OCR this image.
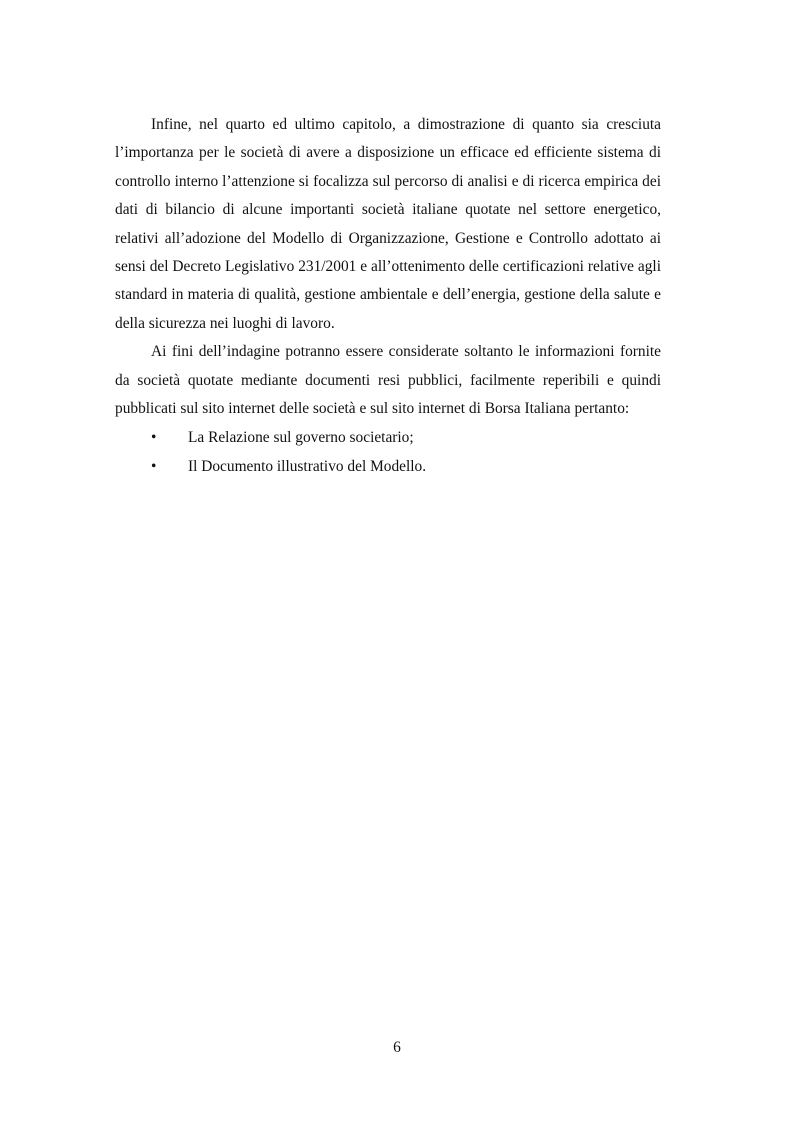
Infine, nel quarto ed ultimo capitolo, a dimostrazione di quanto sia cresciuta l’importanza per le società di avere a disposizione un efficace ed efficiente sistema di controllo interno l’attenzione si focalizza sul percorso di analisi e di ricerca empirica dei dati di bilancio di alcune importanti società italiane quotate nel settore energetico, relativi all’adozione del Modello di Organizzazione, Gestione e Controllo adottato ai sensi del Decreto Legislativo 231/2001 e all’ottenimento delle certificazioni relative agli standard in materia di qualità, gestione ambientale e dell’energia, gestione della salute e della sicurezza nei luoghi di lavoro.

Ai fini dell’indagine potranno essere considerate soltanto le informazioni fornite da società quotate mediante documenti resi pubblici, facilmente reperibili e quindi pubblicati sul sito internet delle società e sul sito internet di Borsa Italiana pertanto:

•	La Relazione sul governo societario;
•	Il Documento illustrativo del Modello.
6
